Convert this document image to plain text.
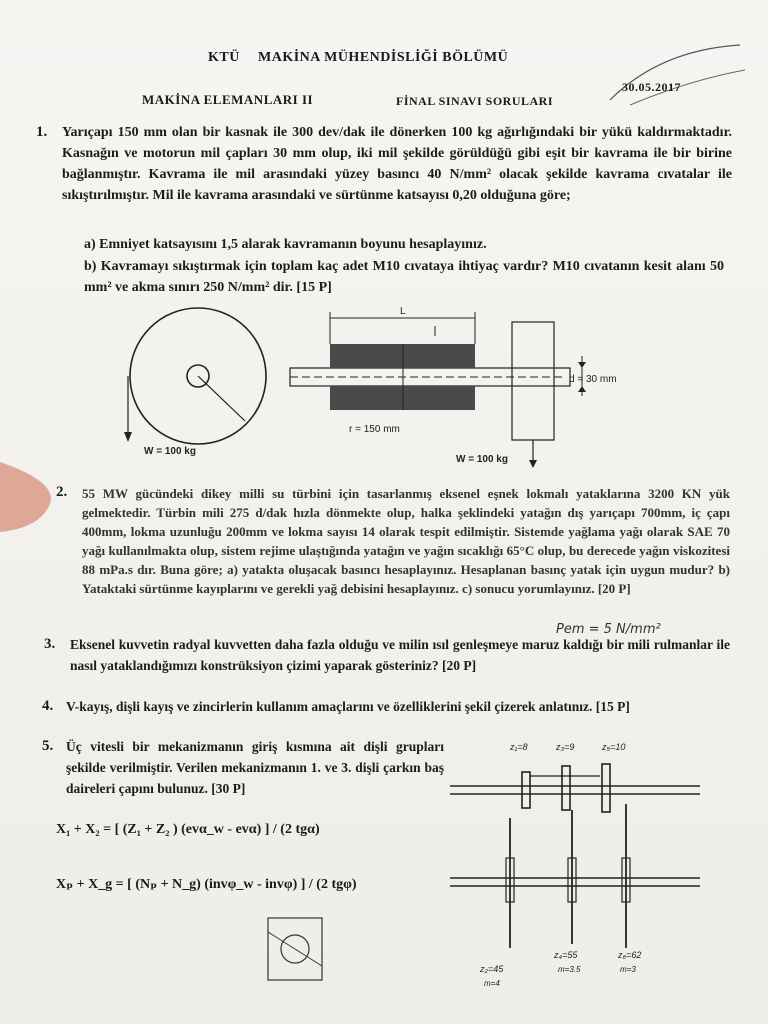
KTÜ MAKİNA MÜHENDİSLİĞİ BÖLÜMÜ
30.05.2017
MAKİNA ELEMANLARI II	FİNAL SINAVI SORULARI
1. Yarıçapı 150 mm olan bir kasnak ile 300 dev/dak ile dönerken 100 kg ağırlığındaki bir yükü kaldırmaktadır. Kasnağın ve motorun mil çapları 30 mm olup, iki mil şekilde görüldüğü gibi eşit bir kavrama ile bir birine bağlanmıştır. Kavrama ile mil arasındaki yüzey basıncı 40 N/mm² olacak şekilde kavrama cıvatalar ile sıkıştırılmıştır. Mil ile kavrama arasındaki ve sürtünme katsayısı 0,20 olduğuna göre;
a) Emniyet katsayısını 1,5 alarak kavramanın boyunu hesaplayınız.
b) Kavramayı sıkıştırmak için toplam kaç adet M10 cıvataya ihtiyaç vardır? M10 cıvatanın kesit alanı 50 mm² ve akma sınırı 250 N/mm² dir. [15 P]
r = 150 mm
W = 100 kg
W = 100 kg
L
d = 30 mm
2. 55 MW gücündeki dikey milli su türbini için tasarlanmış eksenel eşnek lokmalı yataklarına 3200 KN yük gelmektedir. Türbin mili 275 d/dak hızla dönmekte olup, halka şeklindeki yatağın dış yarıçapı 700mm, iç çapı 400mm, lokma uzunluğu 200mm ve lokma sayısı 14 olarak tespit edilmiştir. Sistemde yağlama yağı olarak SAE 70 yağı kullanılmakta olup, sistem rejime ulaştığında yatağın ve yağın sıcaklığı 65°C olup, bu derecede yağın viskozitesi 88 mPa.s dır. Buna göre; a) yatakta oluşacak basıncı hesaplayınız. Hesaplanan basınç yatak için uygun mudur? b) Yataktaki sürtünme kayıplarını ve gerekli yağ debisini hesaplayınız. c) sonucu yorumlayınız. [20 P]
Pem = 5 N/mm²
3. Eksenel kuvvetin radyal kuvvetten daha fazla olduğu ve milin ısıl genleşmeye maruz kaldığı bir mili rulmanlar ile nasıl yataklandığımızı konstrüksiyon çizimi yaparak gösteriniz? [20 P]
4. V-kayış, dişli kayış ve zincirlerin kullanım amaçlarını ve özelliklerini şekil çizerek anlatınız. [15 P]
5. Üç vitesli bir mekanizmanın giriş kısmına ait dişli grupları şekilde verilmiştir. Verilen mekanizmanın 1. ve 3. dişli çarkın baş daireleri çapını bulunuz. [30 P]
X₁ + X₂ = [ (Z₁ + Z₂ ) (evα_w - evα) ] / (2 tgα)
Xₚ + X_g = [ (Nₚ + N_g) (invφ_w - invφ) ] / (2 tgφ)
z₁=8	z₃=9	z₅=10
z₂=45
m=4
z₄=55
m=3.5
z₆=62
m=3
